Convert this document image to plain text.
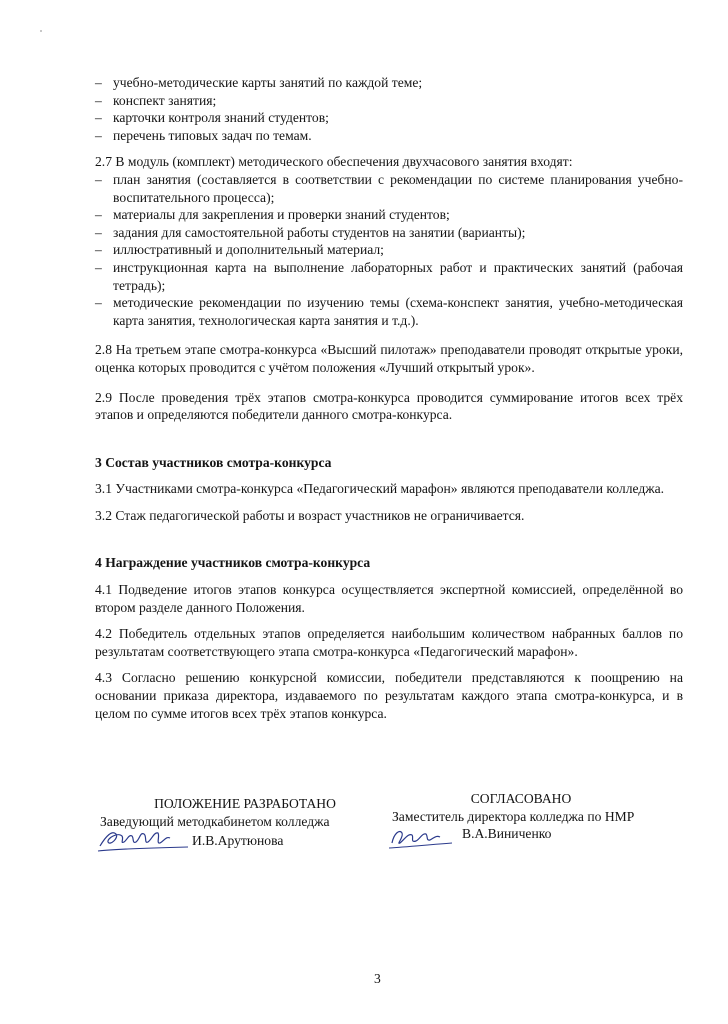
– учебно-методические карты занятий по каждой теме;
– конспект занятия;
– карточки контроля знаний студентов;
– перечень типовых задач по темам.
2.7 В модуль (комплект) методического обеспечения двухчасового занятия входят:
– план занятия (составляется в соответствии с рекомендации по системе планирования учебно-воспитательного процесса);
– материалы для закрепления и проверки знаний студентов;
– задания для самостоятельной работы студентов на занятии (варианты);
– иллюстративный и дополнительный материал;
– инструкционная карта на выполнение лабораторных работ и практических занятий (рабочая тетрадь);
– методические рекомендации по изучению темы (схема-конспект занятия, учебно-методическая карта занятия, технологическая карта занятия и т.д.).
2.8 На третьем этапе смотра-конкурса «Высший пилотаж» преподаватели проводят открытые уроки, оценка которых проводится с учётом положения «Лучший открытый урок».
2.9 После проведения трёх этапов смотра-конкурса проводится суммирование итогов всех трёх этапов и определяются победители данного смотра-конкурса.
3 Состав участников смотра-конкурса
3.1 Участниками смотра-конкурса «Педагогический марафон» являются преподаватели колледжа.
3.2 Стаж педагогической работы и возраст участников не ограничивается.
4 Награждение участников смотра-конкурса
4.1 Подведение итогов этапов конкурса осуществляется экспертной комиссией, определённой во втором разделе данного Положения.
4.2 Победитель отдельных этапов определяется наибольшим количеством набранных баллов по результатам соответствующего этапа смотра-конкурса «Педагогический марафон».
4.3 Согласно решению конкурсной комиссии, победители представляются к поощрению на основании приказа директора, издаваемого по результатам каждого этапа смотра-конкурса, и в целом по сумме итогов всех трёх этапов конкурса.
ПОЛОЖЕНИЕ РАЗРАБОТАНО
Заведующий методкабинетом колледжа
И.В.Арутюнова
СОГЛАСОВАНО
Заместитель директора колледжа по НМР
В.А.Виниченко
3
